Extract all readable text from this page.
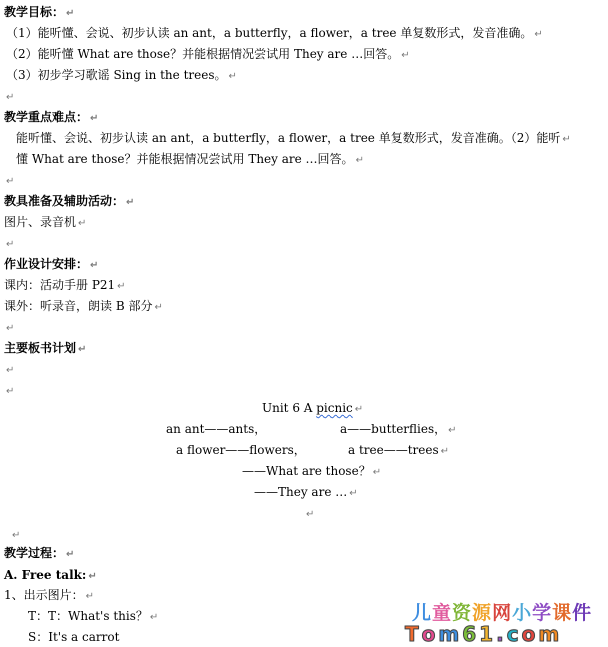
教学目标： ↵
（1）能听懂、会说、初步认读 an ant，a butterfly，a flower，a tree 单复数形式，发音准确。 ↵
（2）能听懂 What are those？并能根据情况尝试用 They are …回答。 ↵
（3）初步学习歌谣 Sing in the trees。 ↵
↵
教学重点难点： ↵
能听懂、会说、初步认读 an ant，a butterfly，a flower，a tree 单复数形式，发音准确。（2）能听 ↵
懂 What are those？并能根据情况尝试用 They are …回答。 ↵
↵
教具准备及辅助活动： ↵
图片、录音机 ↵
↵
作业设计安排： ↵
课内：活动手册 P21 ↵
课外：听录音，朗读 B 部分 ↵
↵
主要板书计划 ↵
↵
↵
Unit 6 A picnic ↵
an ant——ants，	a——butterflies， ↵
a flower——flowers，	a tree——trees ↵
——What are those？ ↵
——They are … ↵
↵
↵
教学过程： ↵
A. Free talk: ↵
1、出示图片： ↵
T：T：What's this？ ↵
S：It's a carrot
儿童资源网小学课件
T o m 6 1 . c o m
